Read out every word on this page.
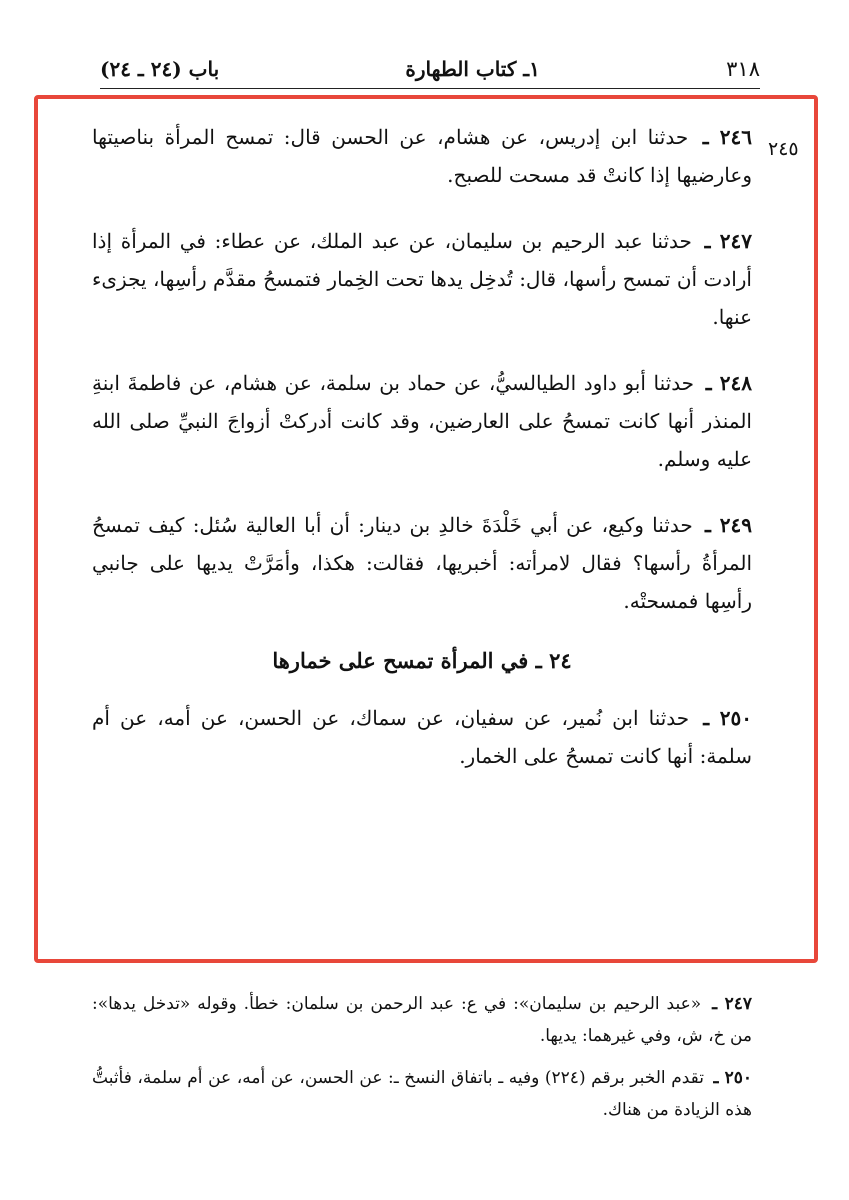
باب (٢٤ ـ ٢٤)	١ـ كتاب الطهارة	٣١٨
٢٤٥

٢٤٦ ـ حدثنا ابن إدريس، عن هشام، عن الحسن قال: تمسح المرأة بناصيتها وعارضيها إذا كانتْ قد مسحت للصبح.

٢٤٧ ـ حدثنا عبد الرحيم بن سليمان، عن عبد الملك، عن عطاء: في المرأة إذا أرادت أن تمسح رأسها، قال: تُدخِل يدها تحت الخِمار فتمسحُ مقدَّم رأسِها، يجزىء عنها.

٢٤٨ ـ حدثنا أبو داود الطيالسيُّ، عن حماد بن سلمة، عن هشام، عن فاطمةَ ابنةِ المنذر أنها كانت تمسحُ على العارضين، وقد كانت أدركتْ أزواجَ النبيِّ صلى الله عليه وسلم.

٢٤٩ ـ حدثنا وكيع، عن أبي خَلْدَةَ خالدِ بن دينار: أن أبا العالية سُئل: كيف تمسحُ المرأةُ رأسها؟ فقال لامرأته: أخبريها، فقالت: هكذا، وأمَرَّتْ يديها على جانبي رأسِها فمسحتْه.

٢٤ ـ في المرأة تمسح على خمارها

٢٥٠ ـ حدثنا ابن نُمير، عن سفيان، عن سماك، عن الحسن، عن أمه، عن أم سلمة: أنها كانت تمسحُ على الخمار.

٢٤٧ ـ «عبد الرحيم بن سليمان»: في ع: عبد الرحمن بن سلمان: خطأ. وقوله «تدخل يدها»: من خ، ش، وفي غيرهما: يديها.

٢٥٠ ـ تقدم الخبر برقم (٢٢٤) وفيه ـ باتفاق النسخ ـ: عن الحسن، عن أمه، عن أم سلمة، فأثبتُّ هذه الزيادة من هناك.
